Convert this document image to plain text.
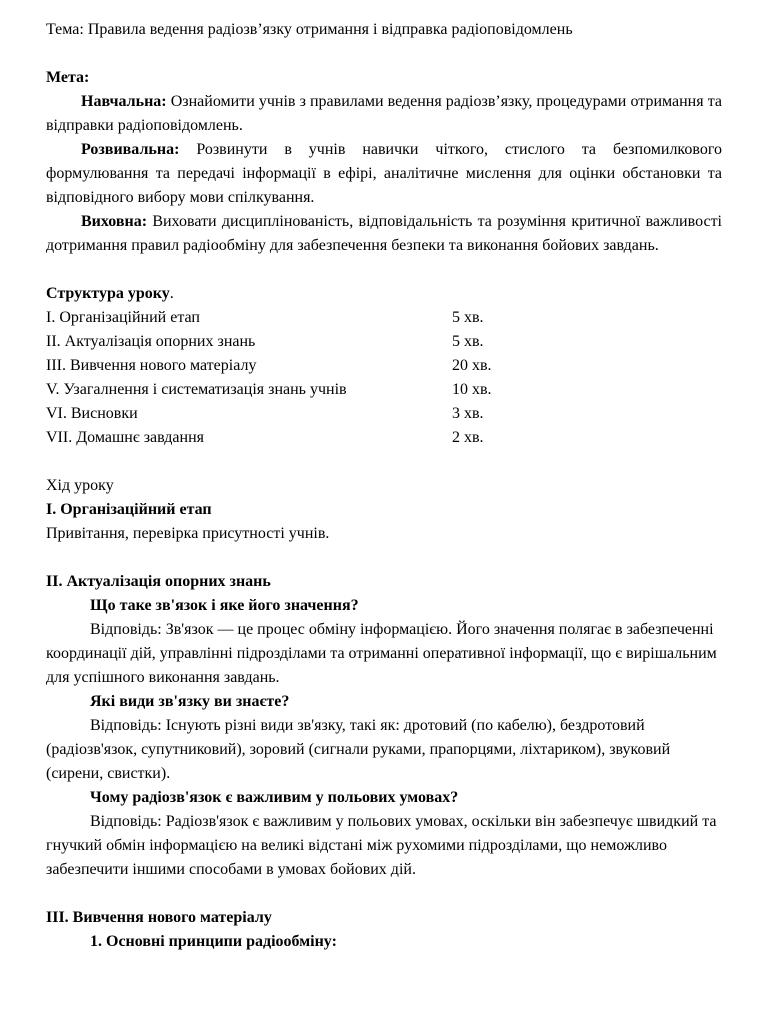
Тема: Правила ведення радіозв’язку отримання і відправка радіоповідомлень

Мета:

Навчальна: Ознайомити учнів з правилами ведення радіозв’язку, процедурами отримання та відправки радіоповідомлень.

Розвивальна: Розвинути в учнів навички чіткого, стислого та безпомилкового формулювання та передачі інформації в ефірі, аналітичне мислення для оцінки обстановки та відповідного вибору мови спілкування.

Виховна: Виховати дисциплінованість, відповідальність та розуміння критичної важливості дотримання правил радіообміну для забезпечення безпеки та виконання бойових завдань.

Структура уроку.

І. Організаційний етап	5 хв.
ІІ. Актуалізація опорних знань	5 хв.
ІІІ. Вивчення нового матеріалу	20 хв.
V. Узагалнення і систематизація знань учнів	10 хв.
VІ. Висновки	3 хв.
VІІ. Домашнє завдання	2 хв.

Хід уроку

І. Організаційний етап

Привітання, перевірка присутності учнів.

ІІ. Актуалізація опорних знань

Що таке зв'язок і яке його значення?

Відповідь: Зв'язок — це процес обміну інформацією. Його значення полягає в забезпеченні координації дій, управлінні підрозділами та отриманні оперативної інформації, що є вирішальним для успішного виконання завдань.

Які види зв'язку ви знаєте?

Відповідь: Існують різні види зв'язку, такі як: дротовий (по кабелю), бездротовий (радіозв'язок, супутниковий), зоровий (сигнали руками, прапорцями, ліхтариком), звуковий (сирени, свистки).

Чому радіозв'язок є важливим у польових умовах?

Відповідь: Радіозв'язок є важливим у польових умовах, оскільки він забезпечує швидкий та гнучкий обмін інформацією на великі відстані між рухомими підрозділами, що неможливо забезпечити іншими способами в умовах бойових дій.

ІІІ. Вивчення нового матеріалу

1. Основні принципи радіообміну:
